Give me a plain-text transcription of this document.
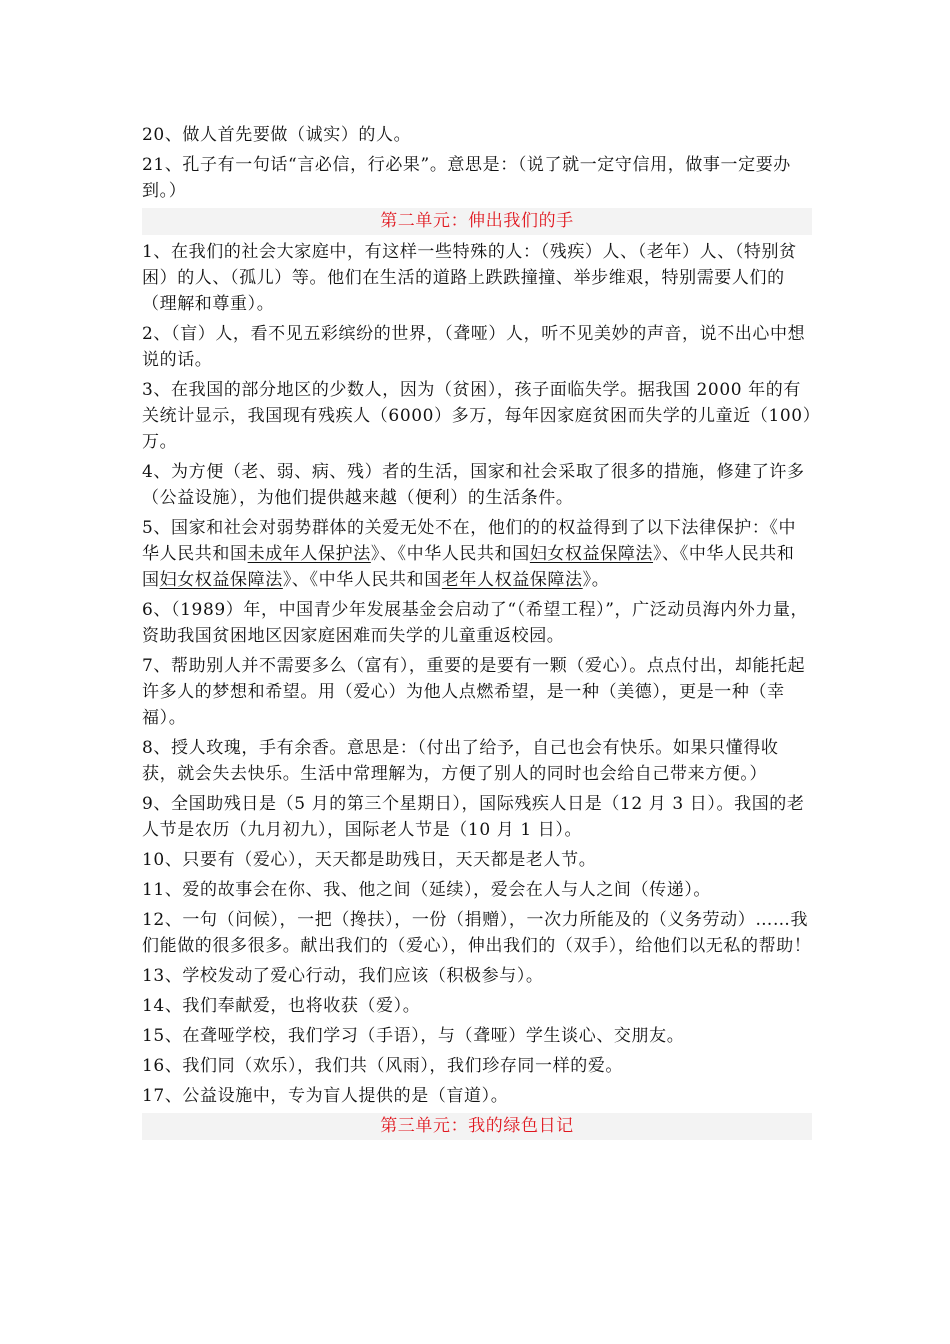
20、做人首先要做（诚实）的人。

21、孔子有一句话“言必信，行必果”。意思是：（说了就一定守信用，做事一定要办到。）

第二单元：伸出我们的手

1、在我们的社会大家庭中，有这样一些特殊的人：（残疾）人、（老年）人、（特别贫困）的人、（孤儿）等。他们在生活的道路上跌跌撞撞、举步维艰，特别需要人们的（理解和尊重）。

2、（盲）人，看不见五彩缤纷的世界，（聋哑）人，听不见美妙的声音，说不出心中想说的话。

3、在我国的部分地区的少数人，因为（贫困），孩子面临失学。据我国 2000 年的有关统计显示，我国现有残疾人（6000）多万，每年因家庭贫困而失学的儿童近（100）万。

4、为方便（老、弱、病、残）者的生活，国家和社会采取了很多的措施，修建了许多（公益设施），为他们提供越来越（便利）的生活条件。

5、国家和社会对弱势群体的关爱无处不在，他们的的权益得到了以下法律保护：《中华人民共和国未成年人保护法》、《中华人民共和国妇女权益保障法》、《中华人民共和国妇女权益保障法》、《中华人民共和国老年人权益保障法》。

6、（1989）年，中国青少年发展基金会启动了“（希望工程）”，广泛动员海内外力量，资助我国贫困地区因家庭困难而失学的儿童重返校园。

7、帮助别人并不需要多么（富有），重要的是要有一颗（爱心）。点点付出，却能托起许多人的梦想和希望。用（爱心）为他人点燃希望，是一种（美德），更是一种（幸福）。

8、授人玫瑰，手有余香。意思是：（付出了给予，自己也会有快乐。如果只懂得收获，就会失去快乐。生活中常理解为，方便了别人的同时也会给自己带来方便。）

9、全国助残日是（5 月的第三个星期日），国际残疾人日是（12 月 3 日）。我国的老人节是农历（九月初九），国际老人节是（10 月 1 日）。

10、只要有（爱心），天天都是助残日，天天都是老人节。

11、爱的故事会在你、我、他之间（延续），爱会在人与人之间（传递）。

12、一句（问候），一把（搀扶），一份（捐赠），一次力所能及的（义务劳动）……我们能做的很多很多。献出我们的（爱心），伸出我们的（双手），给他们以无私的帮助！

13、学校发动了爱心行动，我们应该（积极参与）。

14、我们奉献爱，也将收获（爱）。

15、在聋哑学校，我们学习（手语），与（聋哑）学生谈心、交朋友。

16、我们同（欢乐），我们共（风雨），我们珍存同一样的爱。

17、公益设施中，专为盲人提供的是（盲道）。

第三单元：我的绿色日记
